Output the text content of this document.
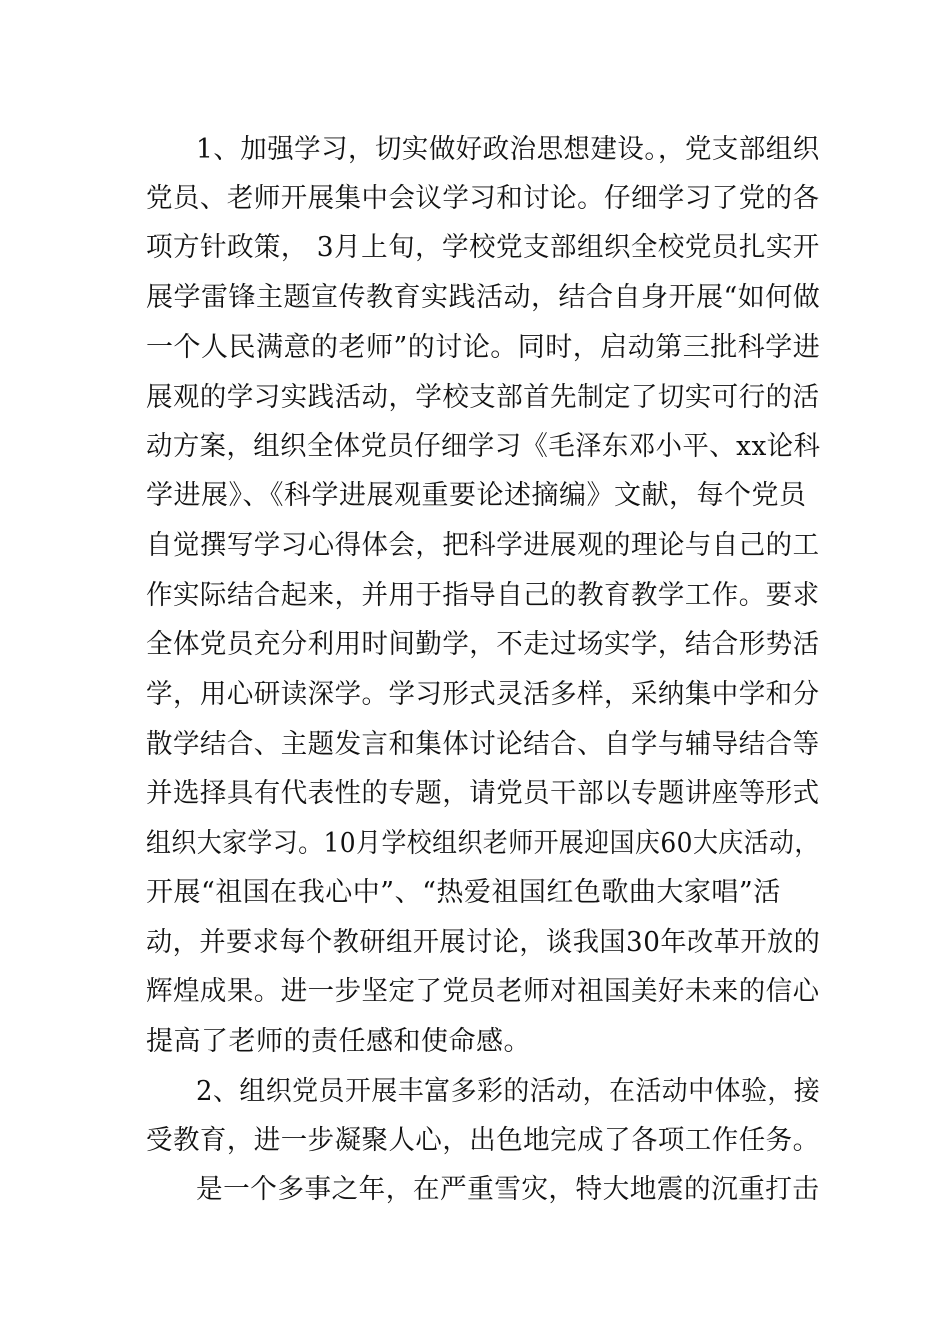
1、加强学习，切实做好政治思想建设。，党支部组织
党员、老师开展集中会议学习和讨论。仔细学习了党的各
项方针政策， 3月上旬，学校党支部组织全校党员扎实开
展学雷锋主题宣传教育实践活动，结合自身开展“如何做
一个人民满意的老师”的讨论。同时，启动第三批科学进
展观的学习实践活动，学校支部首先制定了切实可行的活
动方案，组织全体党员仔细学习《毛泽东邓小平、xx论科
学进展》、《科学进展观重要论述摘编》文献，每个党员
自觉撰写学习心得体会，把科学进展观的理论与自己的工
作实际结合起来，并用于指导自己的教育教学工作。要求
全体党员充分利用时间勤学，不走过场实学，结合形势活
学，用心研读深学。学习形式灵活多样，采纳集中学和分
散学结合、主题发言和集体讨论结合、自学与辅导结合等
并选择具有代表性的专题，请党员干部以专题讲座等形式
组织大家学习。10月学校组织老师开展迎国庆60大庆活动，
开展“祖国在我心中”、“热爱祖国红色歌曲大家唱”活
动，并要求每个教研组开展讨论，谈我国30年改革开放的
辉煌成果。进一步坚定了党员老师对祖国美好未来的信心
提高了老师的责任感和使命感。
2、组织党员开展丰富多彩的活动，在活动中体验，接
受教育，进一步凝聚人心，出色地完成了各项工作任务。
是一个多事之年，在严重雪灾，特大地震的沉重打击
